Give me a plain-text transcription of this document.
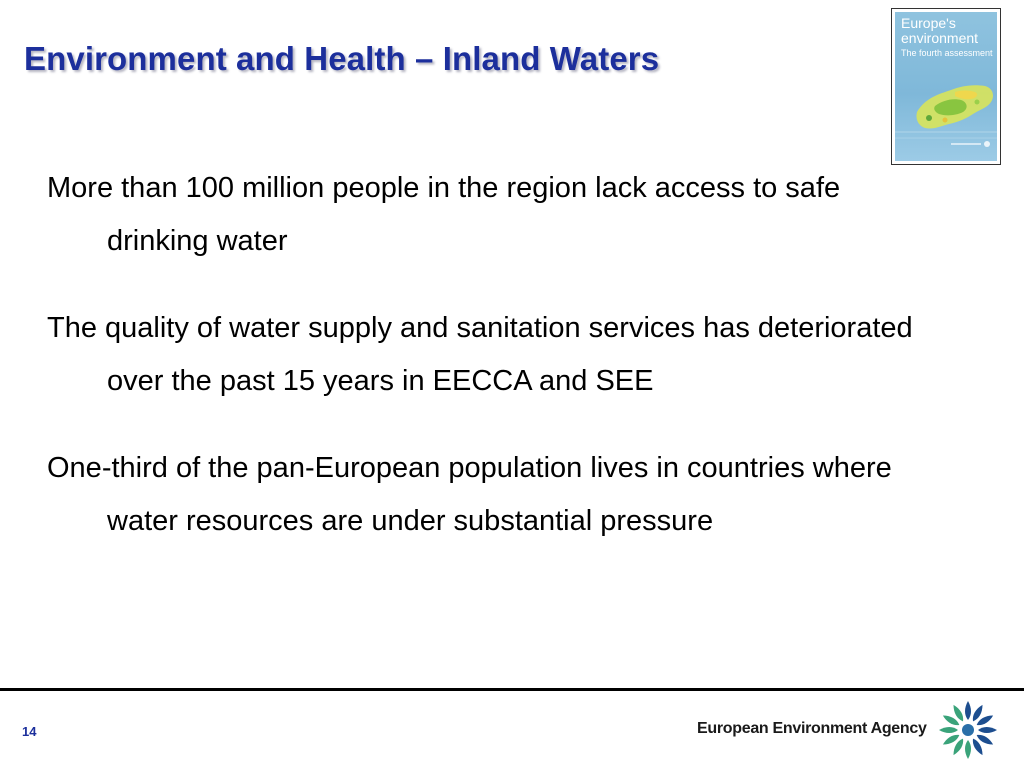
Environment and Health – Inland Waters
Europe's
environment
The fourth assessment

More than 100 million people in the region lack access to safe drinking water

The quality of water supply and sanitation services has deteriorated over the past 15 years in EECCA and SEE

One-third of the pan-European population lives in countries where water resources are under substantial pressure

14	European Environment Agency
